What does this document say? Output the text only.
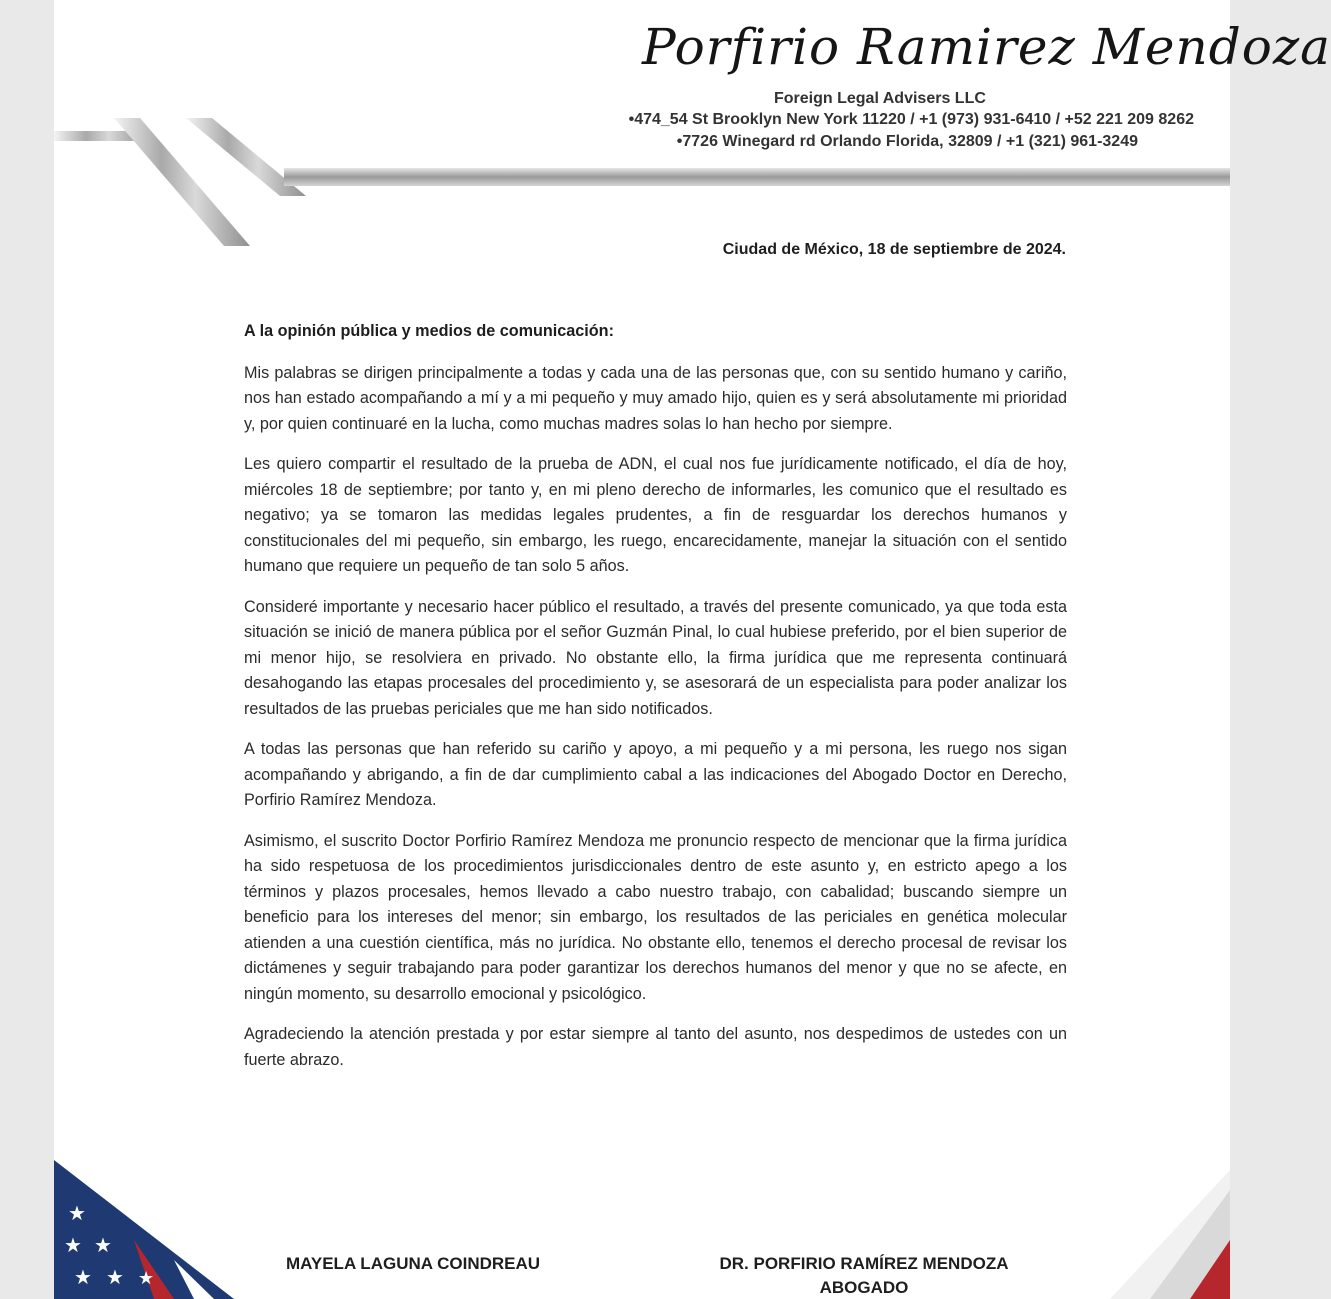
Porfirio Ramirez Mendoza
Foreign Legal Advisers LLC
•474_54 St Brooklyn New York 11220 / +1 (973) 931-6410 / +52 221 209 8262
•7726 Winegard rd Orlando Florida, 32809 / +1 (321) 961-3249
Ciudad de México, 18 de septiembre de 2024.

A la opinión pública y medios de comunicación:

Mis palabras se dirigen principalmente a todas y cada una de las personas que, con su sentido humano y cariño, nos han estado acompañando a mí y a mi pequeño y muy amado hijo, quien es y será absolutamente mi prioridad y, por quien continuaré en la lucha, como muchas madres solas lo han hecho por siempre.

Les quiero compartir el resultado de la prueba de ADN, el cual nos fue jurídicamente notificado, el día de hoy, miércoles 18 de septiembre; por tanto y, en mi pleno derecho de informarles, les comunico que el resultado es negativo; ya se tomaron las medidas legales prudentes, a fin de resguardar los derechos humanos y constitucionales del mi pequeño, sin embargo, les ruego, encarecidamente, manejar la situación con el sentido humano que requiere un pequeño de tan solo 5 años.

Consideré importante y necesario hacer público el resultado, a través del presente comunicado, ya que toda esta situación se inició de manera pública por el señor Guzmán Pinal, lo cual hubiese preferido, por el bien superior de mi menor hijo, se resolviera en privado. No obstante ello, la firma jurídica que me representa continuará desahogando las etapas procesales del procedimiento y, se asesorará de un especialista para poder analizar los resultados de las pruebas periciales que me han sido notificados.

A todas las personas que han referido su cariño y apoyo, a mi pequeño y a mi persona, les ruego nos sigan acompañando y abrigando, a fin de dar cumplimiento cabal a las indicaciones del Abogado Doctor en Derecho, Porfirio Ramírez Mendoza.

Asimismo, el suscrito Doctor Porfirio Ramírez Mendoza me pronuncio respecto de mencionar que la firma jurídica ha sido respetuosa de los procedimientos jurisdiccionales dentro de este asunto y, en estricto apego a los términos y plazos procesales, hemos llevado a cabo nuestro trabajo, con cabalidad; buscando siempre un beneficio para los intereses del menor; sin embargo, los resultados de las periciales en genética molecular atienden a una cuestión científica, más no jurídica. No obstante ello, tenemos el derecho procesal de revisar los dictámenes y seguir trabajando para poder garantizar los derechos humanos del menor y que no se afecte, en ningún momento, su desarrollo emocional y psicológico.

Agradeciendo la atención prestada y por estar siempre al tanto del asunto, nos despedimos de ustedes con un fuerte abrazo.

★
★ ★
★ ★ ★
MAYELA LAGUNA COINDREAU	DR. PORFIRIO RAMÍREZ MENDOZA
ABOGADO
